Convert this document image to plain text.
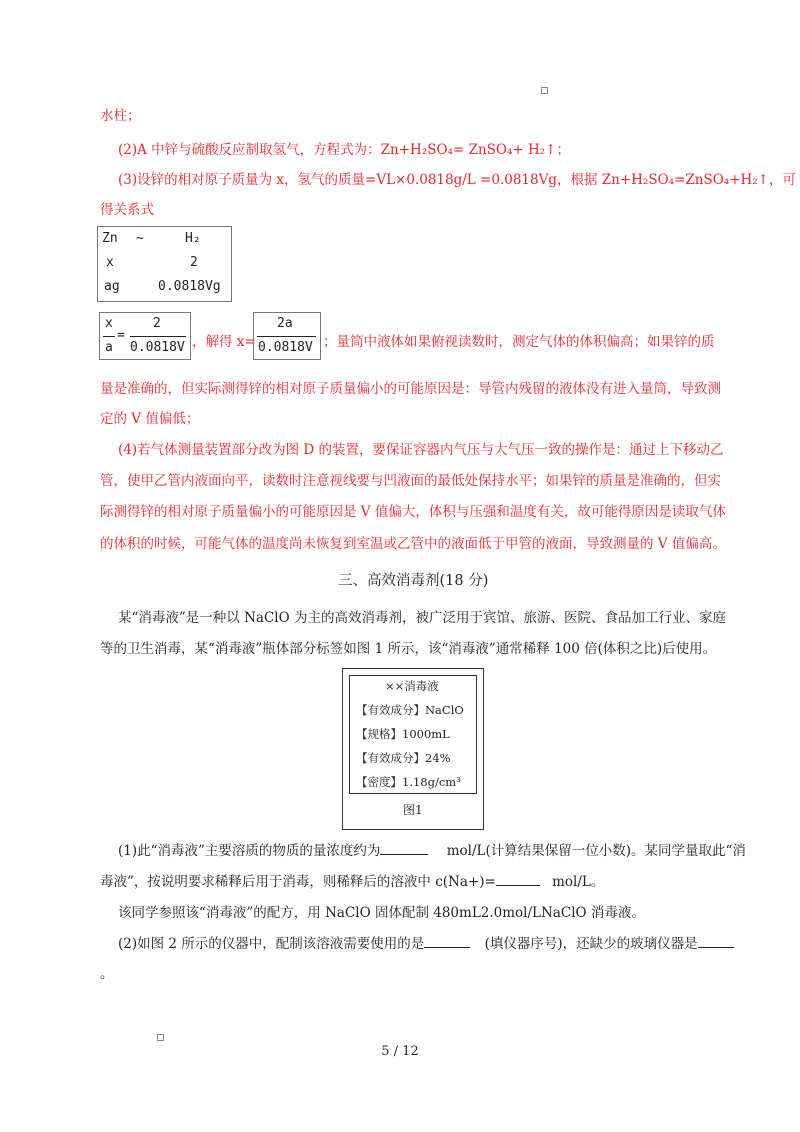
水柱；
(2)A 中锌与硫酸反应制取氢气，方程式为：Zn+H₂SO₄= ZnSO₄+ H₂↑；
(3)设锌的相对原子质量为 x，氢气的质量=VL×0.0818g/L =0.0818Vg，根据 Zn+H₂SO₄=ZnSO₄+H₂↑，可
得关系式
Zn ~	H₂
x	2
ag	0.0818Vg
x
a
=
2
0.0818V ，解得 x=
2a
0.0818V ；量筒中液体如果俯视读数时，测定气体的体积偏高；如果锌的质
量是准确的，但实际测得锌的相对原子质量偏小的可能原因是：导管内残留的液体没有进入量筒，导致测
定的 V 值偏低；
(4)若气体测量装置部分改为图 D 的装置，要保证容器内气压与大气压一致的操作是：通过上下移动乙
管，使甲乙管内液面向平，读数时注意视线要与凹液面的最低处保持水平；如果锌的质量是准确的，但实
际测得锌的相对原子质量偏小的可能原因是 V 值偏大，体积与压强和温度有关，故可能得原因是读取气体
的体积的时候，可能气体的温度尚未恢复到室温或乙管中的液面低于甲管的液面，导致测量的 V 值偏高。
三、高效消毒剂(18 分)
某“消毒液”是一种以 NaClO 为主的高效消毒剂，被广泛用于宾馆、旅游、医院、食品加工行业、家庭
等的卫生消毒，某“消毒液”瓶体部分标签如图 1 所示，该“消毒液”通常稀释 100 倍(体积之比)后使用。
××消毒液
【有效成分】NaClO
【规格】1000mL
【有效成分】24%
【密度】1.18g/cm³
图1
(1)此“消毒液”主要溶质的物质的量浓度约为	mol/L(计算结果保留一位小数)。某同学量取此“消
毒液”，按说明要求稀释后用于消毒，则稀释后的溶液中 c(Na+)=	mol/L。
该同学参照该“消毒液”的配方，用 NaClO 固体配制 480mL2.0mol/LNaClO 消毒液。
(2)如图 2 所示的仪器中，配制该溶液需要使用的是	(填仪器序号)，还缺少的玻璃仪器是
。
5 / 12
